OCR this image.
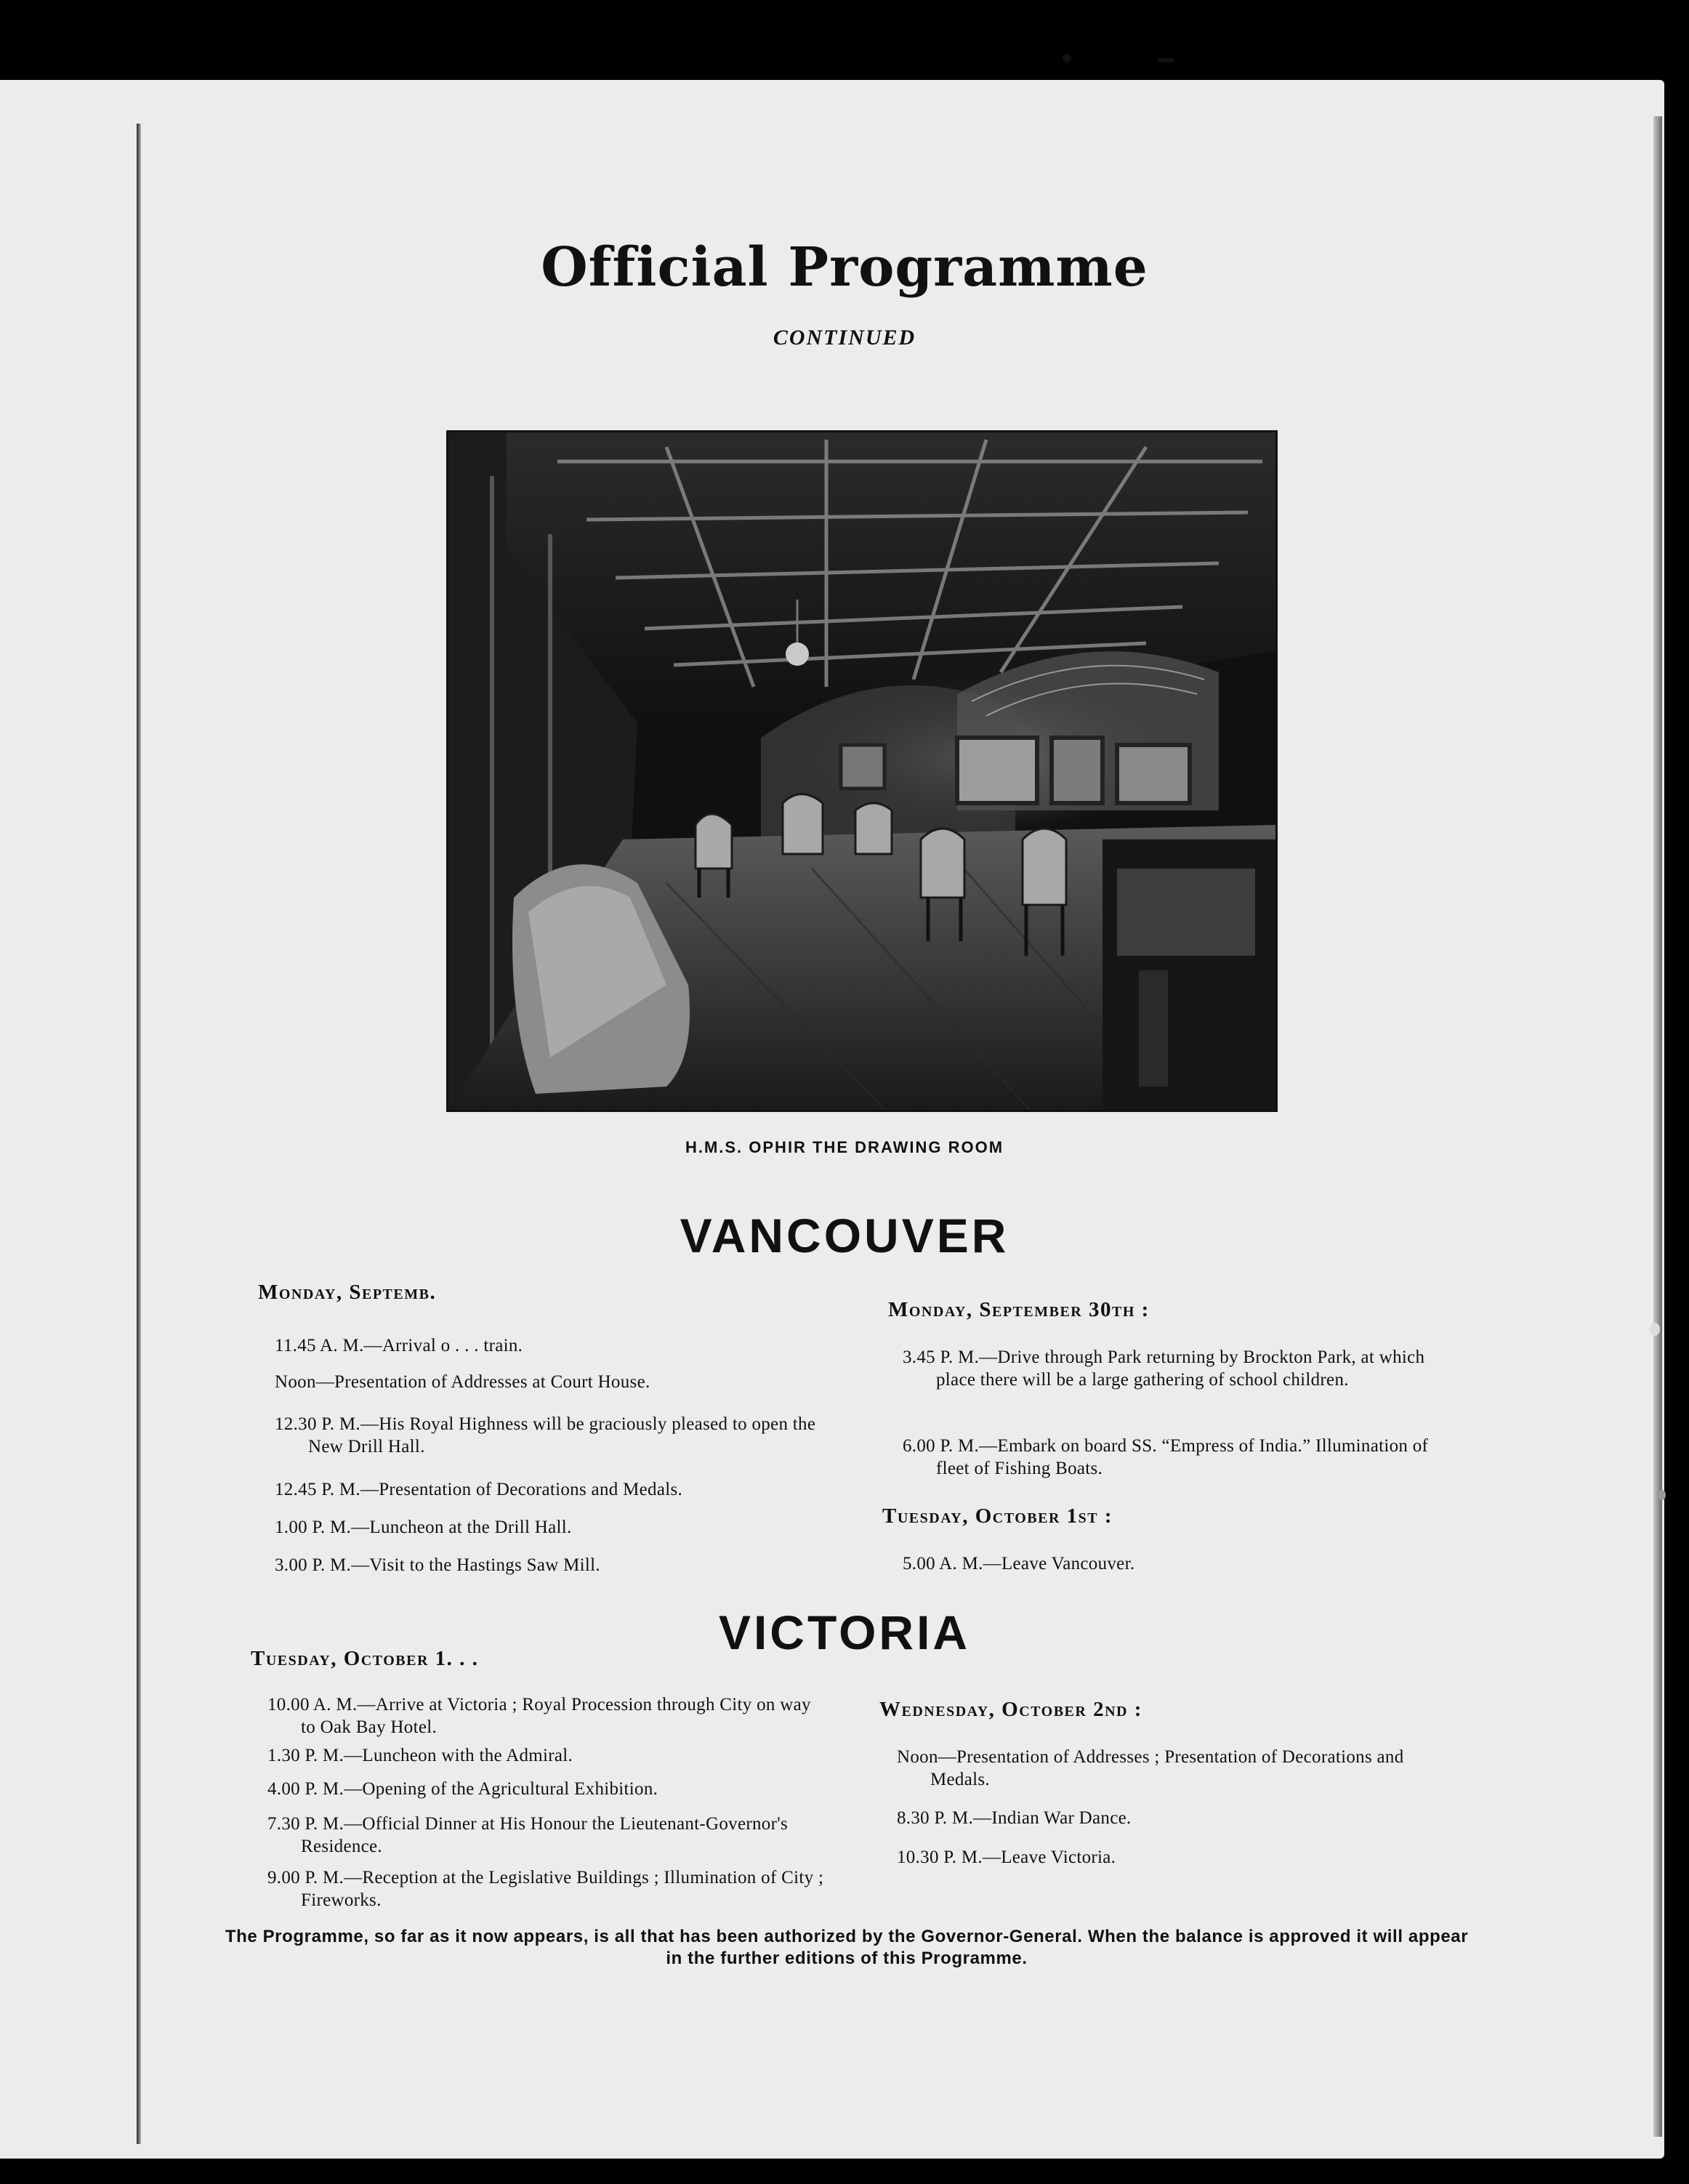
Official Programme
CONTINUED
H.M.S. OPHIR THE DRAWING ROOM
VANCOUVER
Monday, Septemb.
11.45 A. M.—Arrival o . . . train.
Noon—Presentation of Addresses at Court House.
12.30 P. M.—His Royal Highness will be graciously pleased to open the New Drill Hall.
12.45 P. M.—Presentation of Decorations and Medals.
1.00 P. M.—Luncheon at the Drill Hall.
3.00 P. M.—Visit to the Hastings Saw Mill.
Monday, September 30th :
3.45 P. M.—Drive through Park returning by Brockton Park, at which place there will be a large gathering of school children.
6.00 P. M.—Embark on board SS. “Empress of India.” Illumination of fleet of Fishing Boats.
Tuesday, October 1st :
5.00 A. M.—Leave Vancouver.
VICTORIA
Tuesday, October 1. . .
10.00 A. M.—Arrive at Victoria ; Royal Procession through City on way to Oak Bay Hotel.
1.30 P. M.—Luncheon with the Admiral.
4.00 P. M.—Opening of the Agricultural Exhibition.
7.30 P. M.—Official Dinner at His Honour the Lieutenant-Governor's Residence.
9.00 P. M.—Reception at the Legislative Buildings ; Illumination of City ; Fireworks.
Wednesday, October 2nd :
Noon—Presentation of Addresses ; Presentation of Decorations and Medals.
8.30 P. M.—Indian War Dance.
10.30 P. M.—Leave Victoria.
The Programme, so far as it now appears, is all that has been authorized by the Governor-General. When the balance is approved it will appear in the further editions of this Programme.
